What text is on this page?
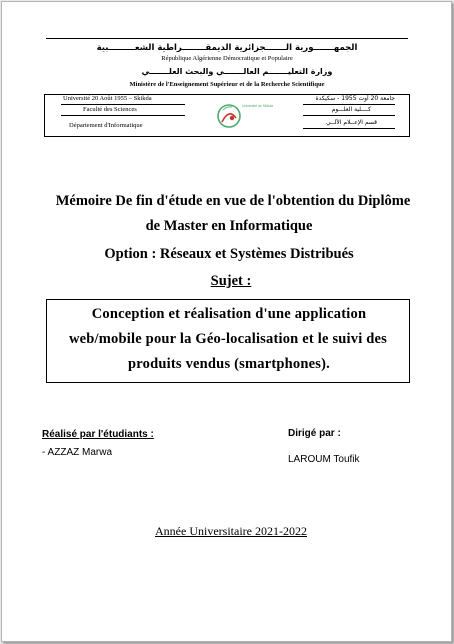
الجمهـــــــورية الـــــــجزائرية الديمقــــــــراطية الشعـــــــــبية
République Algérienne Démocratique et Populaire
وزارة التعليـــــــم العالـــــــي والبحث العلـــــــي
Ministère de l'Enseignement Supérieur et de la Recherche Scientifique
Université 20 Août 1955 – Skikda
Faculté des Sciences
Département d'Informatique
جامعة 20 أوت 1955 - سكيكدة
كــــلية العلـــوم
قسم الإعــلام الآلــي
Université de Skikda
Mémoire De fin d'étude en vue de l'obtention du Diplôme
de Master en Informatique
Option : Réseaux et Systèmes Distribués
Sujet :
Conception et réalisation d'une application
web/mobile pour la Géo-localisation et le suivi des
produits vendus (smartphones).
Réalisé par l'étudiants :
- AZZAZ Marwa
Dirigé par :
LAROUM Toufik
Année Universitaire 2021-2022
